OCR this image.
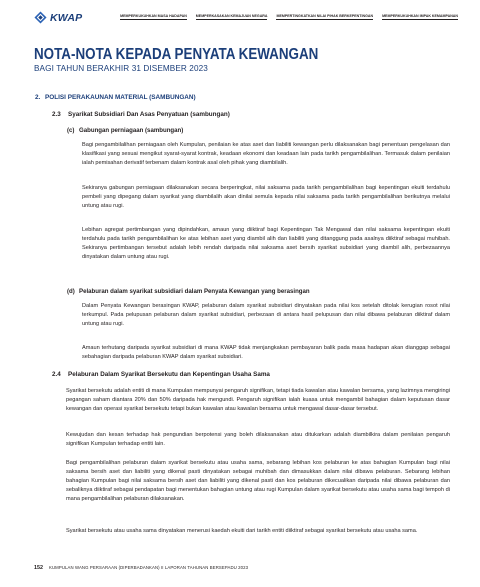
KWAP	MEMPERKUKUHKAN MASA HADAPAN	MEMPERKASAKAN KEMAJUAN NEGARA	MEMPERTINGKATKAN NILAI PIHAK BERKEPENTINGAN	MEMPERKUKUHKAN IMPAK KEMAMPANAN
NOTA-NOTA KEPADA PENYATA KEWANGAN
BAGI TAHUN BERAKHIR 31 DISEMBER 2023
2. POLISI PERAKAUNAN MATERIAL (SAMBUNGAN)
2.3 Syarikat Subsidiari Dan Asas Penyatuan (sambungan)
(c) Gabungan perniagaan (sambungan)

Bagi pengambilalihan perniagaan oleh Kumpulan, penilaian ke atas aset dan liabiliti kewangan perlu dilaksanakan bagi penentuan pengelasan dan klasifikasi yang sesuai mengikut syarat-syarat kontrak, keadaan ekonomi dan keadaan lain pada tarikh pengambilalihan. Termasuk dalam penilaian ialah pemisahan derivatif terbenam dalam kontrak asal oleh pihak yang diambilalih.

Sekiranya gabungan perniagaan dilaksanakan secara berperingkat, nilai saksama pada tarikh pengambilalihan bagi kepentingan ekuiti terdahulu pembeli yang dipegang dalam syarikat yang diambilalih akan dinilai semula kepada nilai saksama pada tarikh pengambilalihan berikutnya melalui untung atau rugi.

Lebihan agregat pertimbangan yang dipindahkan, amaun yang diiktiraf bagi Kepentingan Tak Mengawal dan nilai saksama kepentingan ekuiti terdahulu pada tarikh pengambilalihan ke atas lebihan aset yang diambil alih dan liabiliti yang ditanggung pada asalnya diiktiraf sebagai muhibah. Sekiranya pertimbangan tersebut adalah lebih rendah daripada nilai saksama aset bersih syarikat subsidiari yang diambil alih, perbezaannya dinyatakan dalam untung atau rugi.

(d) Pelaburan dalam syarikat subsidiari dalam Penyata Kewangan yang berasingan

Dalam Penyata Kewangan berasingan KWAP, pelaburan dalam syarikat subsidiari dinyatakan pada nilai kos setelah ditolak kerugian rosot nilai terkumpul. Pada pelupusan pelaburan dalam syarikat subsidiari, perbezaan di antara hasil pelupusan dan nilai dibawa pelaburan diiktiraf dalam untung atau rugi.

Amaun terhutang daripada syarikat subsidiari di mana KWAP tidak menjangkakan pembayaran balik pada masa hadapan akan dianggap sebagai sebahagian daripada pelaburan KWAP dalam syarikat subsidiari.

2.4 Pelaburan Dalam Syarikat Bersekutu dan Kepentingan Usaha Sama

Syarikat bersekutu adalah entiti di mana Kumpulan mempunyai pengaruh signifikan, tetapi tiada kawalan atau kawalan bersama, yang lazimnya mengiringi pegangan saham diantara 20% dan 50% daripada hak mengundi. Pengaruh signifikan ialah kuasa untuk mengambil bahagian dalam keputusan dasar kewangan dan operasi syarikat bersekutu tetapi bukan kawalan atau kawalan bersama untuk mengawal dasar-dasar tersebut.

Kewujudan dan kesan terhadap hak pengundian berpotensi yang boleh dilaksanakan atau ditukarkan adalah diambilkira dalam penilaian pengaruh signifikan Kumpulan terhadap entiti lain.

Bagi pengambilalihan pelaburan dalam syarikat bersekutu atau usaha sama, sebarang lebihan kos pelaburan ke atas bahagian Kumpulan bagi nilai saksama bersih aset dan liabiliti yang dikenal pasti dinyatakan sebagai muhibah dan dimasukkan dalam nilai dibawa pelaburan. Sebarang lebihan bahagian Kumpulan bagi nilai saksama bersih aset dan liabiliti yang dikenal pasti dan kos pelaburan dikecualikan daripada nilai dibawa pelaburan dan sebaliknya diiktiraf sebagai pendapatan bagi menentukan bahagian untung atau rugi Kumpulan dalam syarikat bersekutu atau usaha sama bagi tempoh di mana pengambilalihan pelaburan dilaksanakan.

Syarikat bersekutu atau usaha sama dinyatakan menerusi kaedah ekuiti dari tarikh entiti diiktiraf sebagai syarikat bersekutu atau usaha sama.

152 KUMPULAN WANG PERSARAAN (DIPERBADANKAN) II LAPORAN TAHUNAN BERSEPADU 2023
